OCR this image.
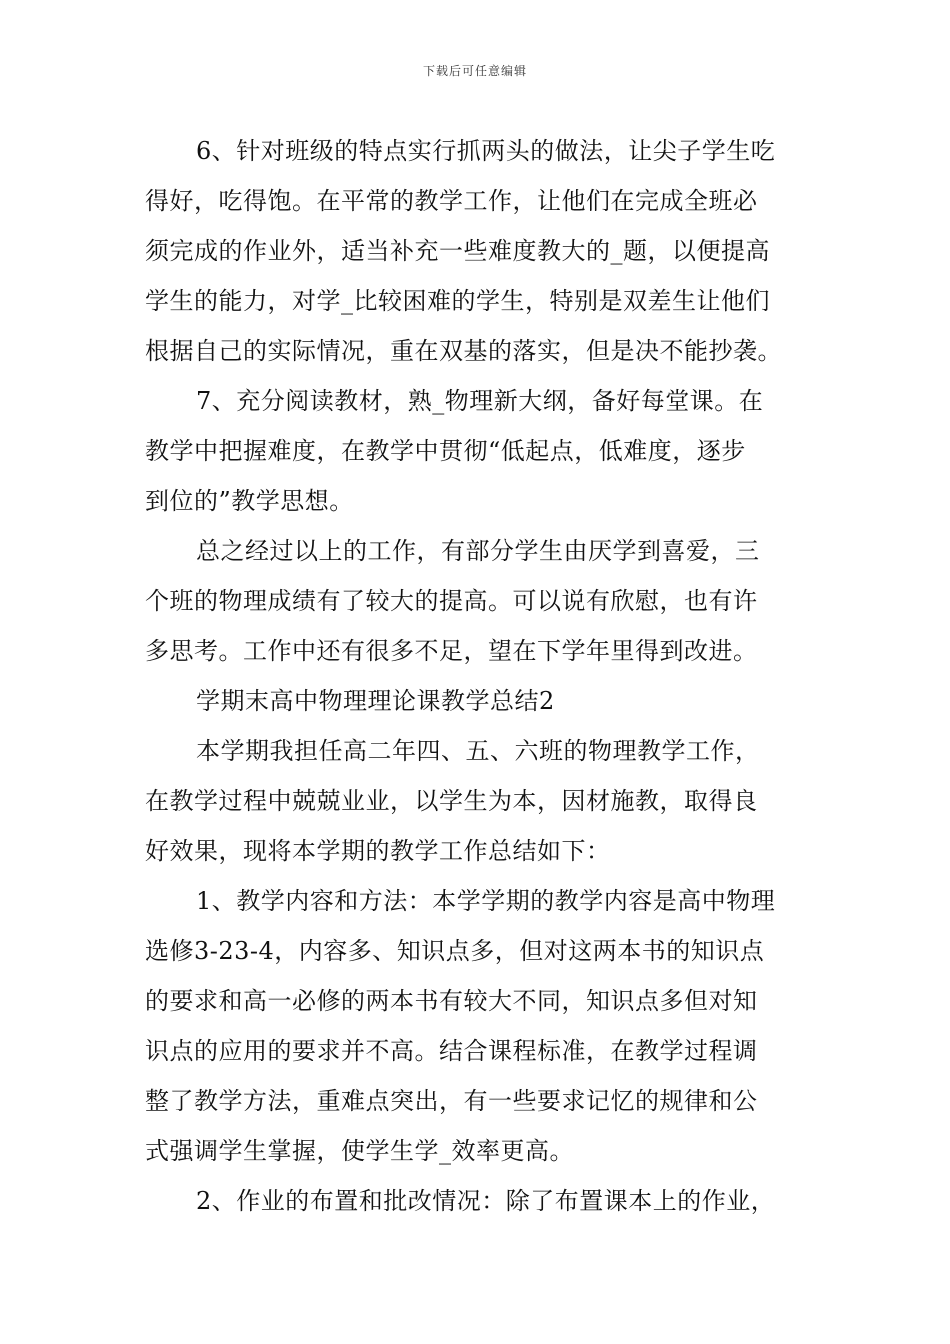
下载后可任意编辑
6、针对班级的特点实行抓两头的做法，让尖子学生吃
得好，吃得饱。在平常的教学工作，让他们在完成全班必
须完成的作业外，适当补充一些难度教大的_题，以便提高
学生的能力，对学_比较困难的学生，特别是双差生让他们
根据自己的实际情况，重在双基的落实，但是决不能抄袭。
7、充分阅读教材，熟_物理新大纲，备好每堂课。在
教学中把握难度，在教学中贯彻“低起点，低难度，逐步
到位的”教学思想。
总之经过以上的工作，有部分学生由厌学到喜爱，三
个班的物理成绩有了较大的提高。可以说有欣慰，也有许
多思考。工作中还有很多不足，望在下学年里得到改进。
学期末高中物理理论课教学总结2
本学期我担任高二年四、五、六班的物理教学工作，
在教学过程中兢兢业业，以学生为本，因材施教，取得良
好效果，现将本学期的教学工作总结如下：
1、教学内容和方法：本学学期的教学内容是高中物理
选修3-23-4，内容多、知识点多，但对这两本书的知识点
的要求和高一必修的两本书有较大不同，知识点多但对知
识点的应用的要求并不高。结合课程标准，在教学过程调
整了教学方法，重难点突出，有一些要求记忆的规律和公
式强调学生掌握，使学生学_效率更高。
2、作业的布置和批改情况：除了布置课本上的作业，
